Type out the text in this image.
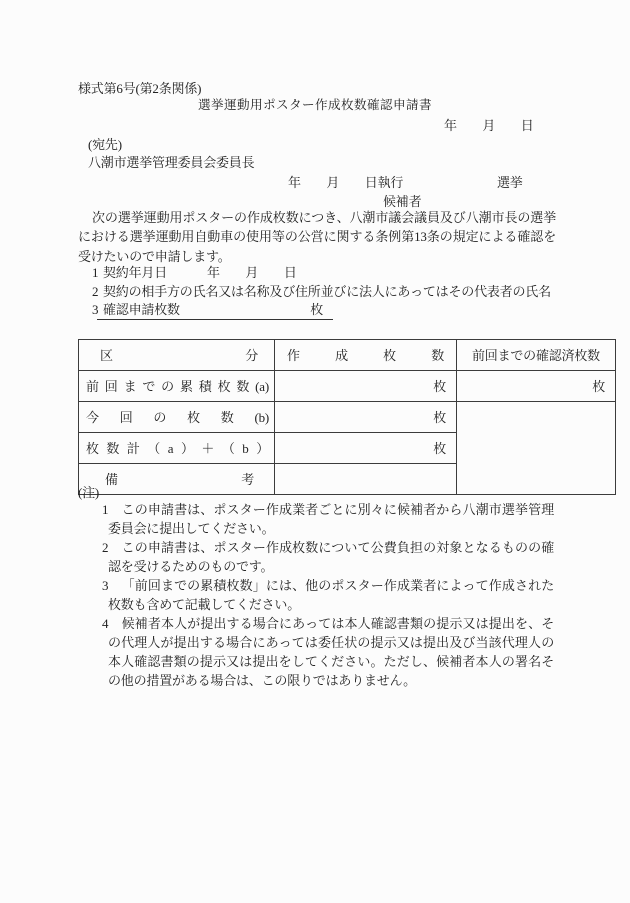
様式第6号(第2条関係)
選挙運動用ポスター作成枚数確認申請書
年　　月　　日
(宛先)
八潮市選挙管理委員会委員長
年　　月　　日執行	選挙
候補者

次の選挙運動用ポスターの作成枚数につき、八潮市議会議員及び八潮市長の選挙における選挙運動用自動車の使用等の公営に関する条例第13条の規定による確認を受けたいので申請します。

1 契約年月日	年　　月　　日
2 契約の相手方の氏名又は名称及び住所並びに法人にあってはその代表者の氏名
3 確認申請枚数	枚
区分	作成枚数	前回までの確認済枚数
前回までの累積枚数(a)	枚	枚
今回の枚数(b)	枚	
枚数計（a）＋（b）	枚	
備考		
(注)

1 この申請書は、ポスター作成業者ごとに別々に候補者から八潮市選挙管理委員会に提出してください。

2 この申請書は、ポスター作成枚数について公費負担の対象となるものの確認を受けるためのものです。

3 「前回までの累積枚数」には、他のポスター作成業者によって作成された枚数も含めて記載してください。

4 候補者本人が提出する場合にあっては本人確認書類の提示又は提出を、その代理人が提出する場合にあっては委任状の提示又は提出及び当該代理人の本人確認書類の提示又は提出をしてください。ただし、候補者本人の署名その他の措置がある場合は、この限りではありません。
